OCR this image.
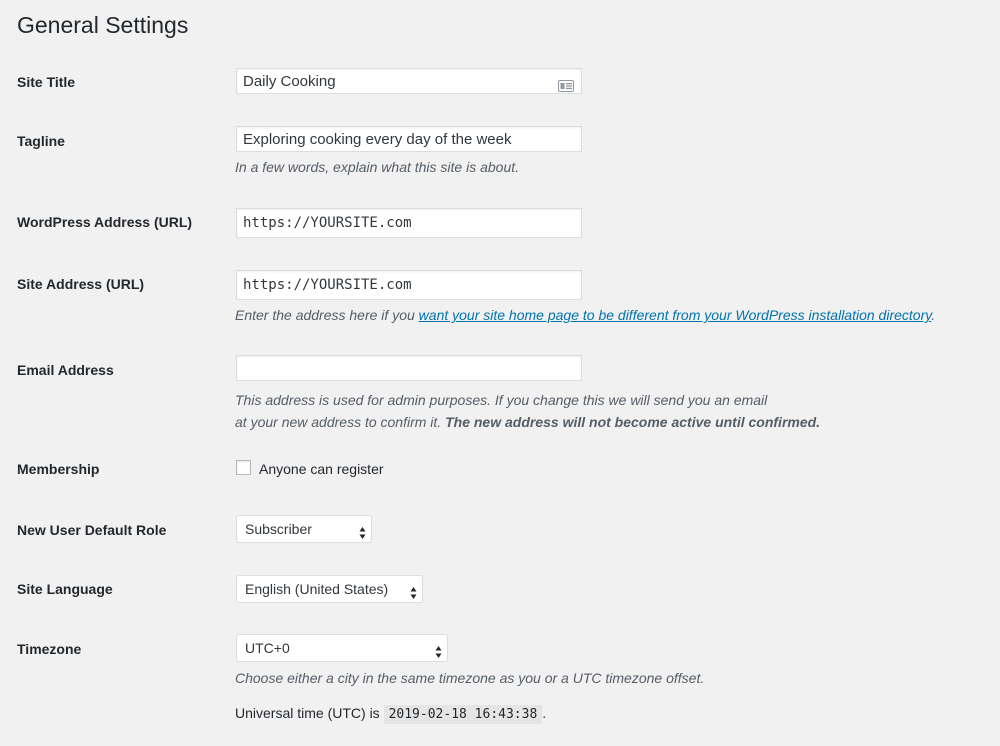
General Settings
Site Title	Daily Cooking
Tagline	Exploring cooking every day of the week
In a few words, explain what this site is about.
WordPress Address (URL)	https://YOURSITE.com
Site Address (URL)	https://YOURSITE.com
Enter the address here if you want your site home page to be different from your WordPress installation directory.
Email Address
This address is used for admin purposes. If you change this we will send you an email
at your new address to confirm it. The new address will not become active until confirmed.
Membership	Anyone can register
New User Default Role	Subscriber
Site Language	English (United States)
Timezone	UTC+0
Choose either a city in the same timezone as you or a UTC timezone offset.
Universal time (UTC) is 2019-02-18 16:43:38 .
